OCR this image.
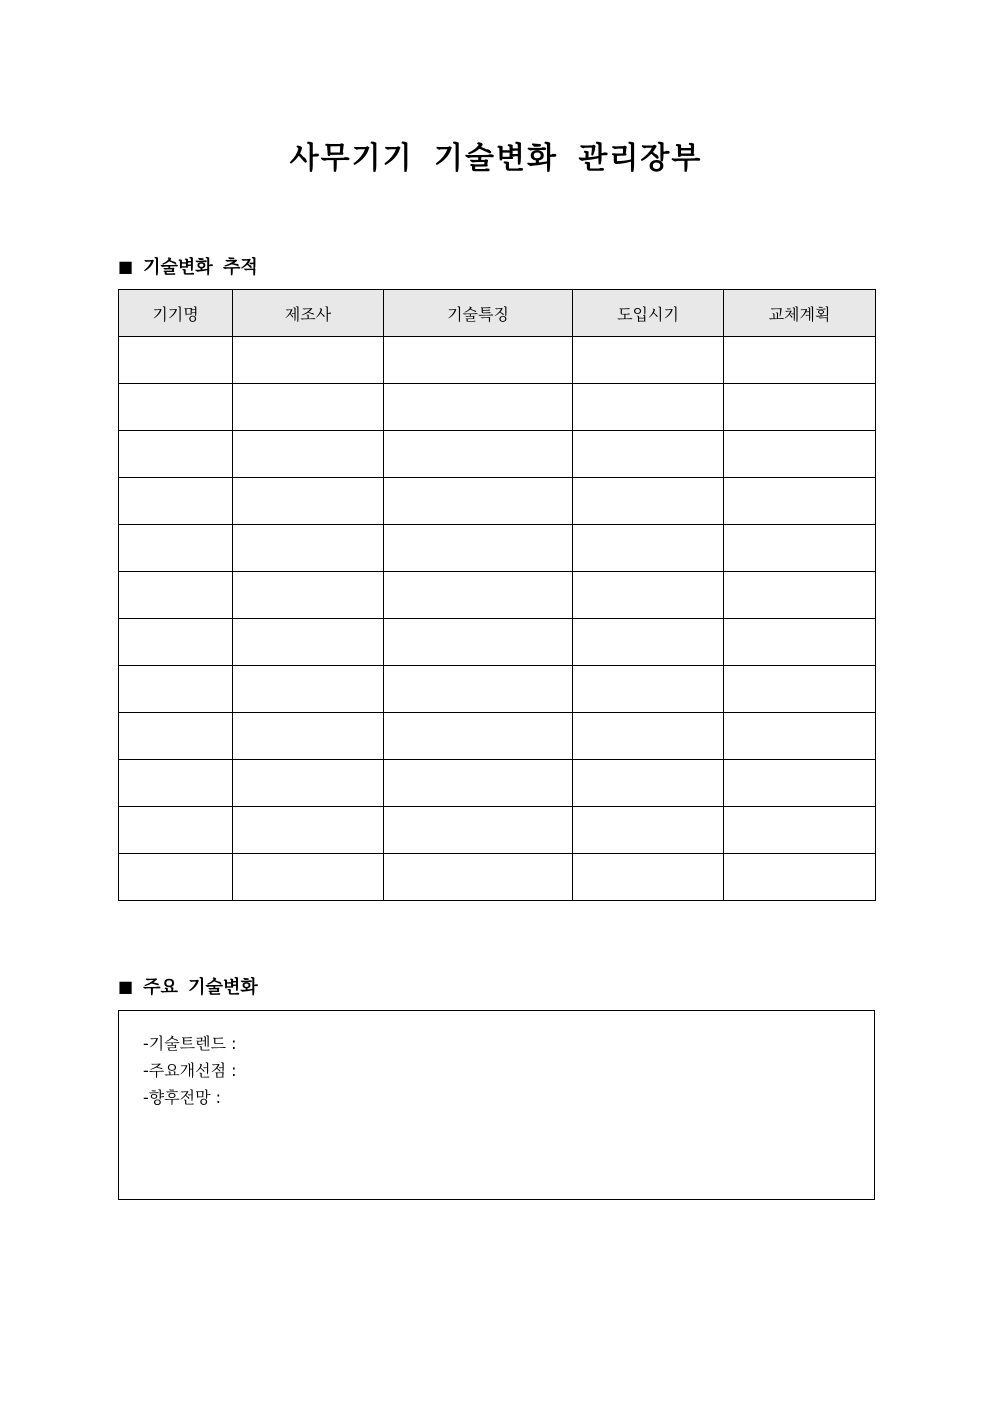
사무기기 기술변화 관리장부
■ 기술변화 추적
기기명	제조사	기술특징	도입시기	교체계획

■ 주요 기술변화
-기술트렌드 :
-주요개선점 :
-향후전망 :
